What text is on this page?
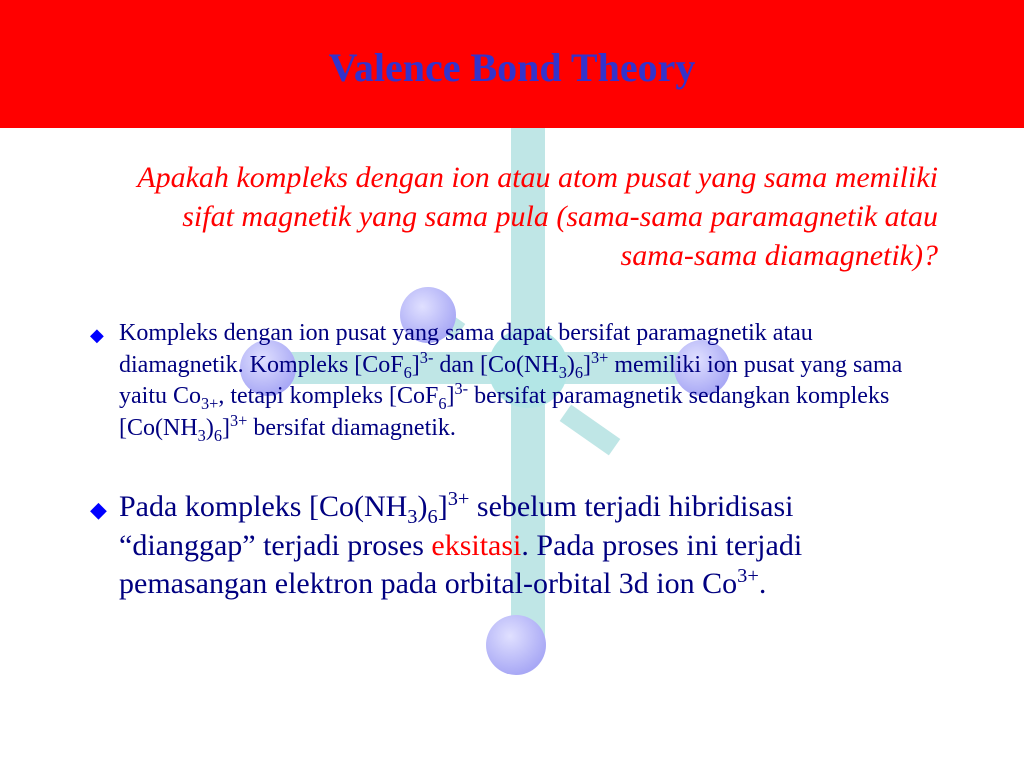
Valence Bond Theory
Apakah kompleks dengan ion atau atom pusat yang sama memiliki sifat magnetik yang sama pula (sama-sama paramagnetik atau sama-sama diamagnetik)?
◆ Kompleks dengan ion pusat yang sama dapat bersifat paramagnetik atau diamagnetik. Kompleks $[CoF_6]^{3-}$ dan $[Co(NH_3)_6]^{3+}$ memiliki ion pusat yang sama yaitu $Co_{3+}$, tetapi kompleks $[CoF_6]^{3-}$ bersifat paramagnetik sedangkan kompleks $[Co(NH_3)_6]^{3+}$ bersifat diamagnetik.
◆ Pada kompleks $[Co(NH_3)_6]^{3+}$ sebelum terjadi hibridisasi “dianggap” terjadi proses eksitasi. Pada proses ini terjadi pemasangan elektron pada orbital-orbital 3d ion $Co^{3+}$.
